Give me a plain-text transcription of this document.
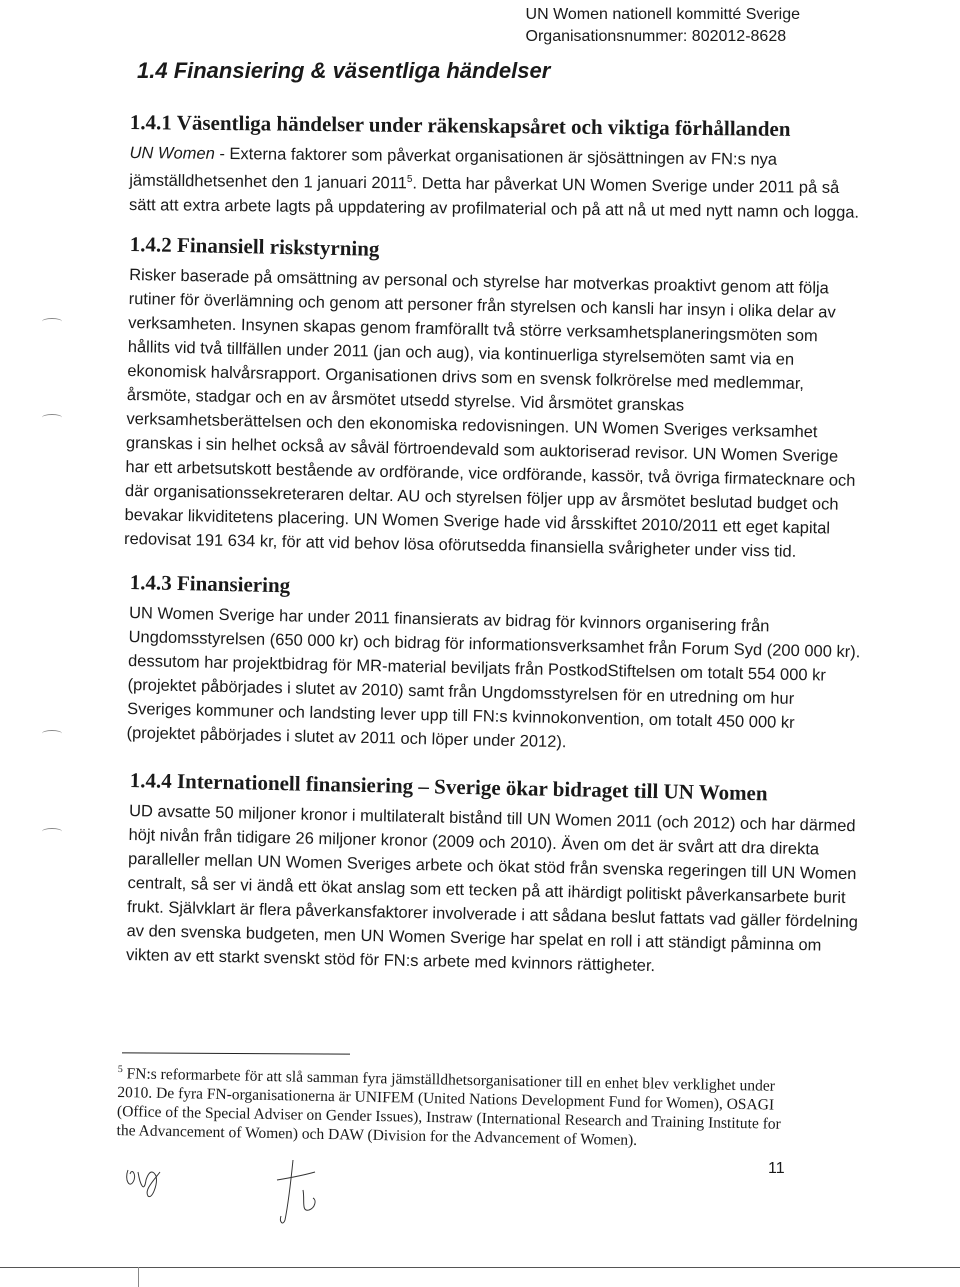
UN Women nationell kommitté Sverige
Organisationsnummer: 802012-8628
1.4 Finansiering & väsentliga händelser
1.4.1 Väsentliga händelser under räkenskapsåret och viktiga förhållanden

UN Women - Externa faktorer som påverkat organisationen är sjösättningen av FN:s nya jämställdhetsenhet den 1 januari 2011$^5$. Detta har påverkat UN Women Sverige under 2011 på så sätt att extra arbete lagts på uppdatering av profilmaterial och på att nå ut med nytt namn och logga.

1.4.2 Finansiell riskstyrning

Risker baserade på omsättning av personal och styrelse har motverkas proaktivt genom att följa rutiner för överlämning och genom att personer från styrelsen och kansli har insyn i olika delar av verksamheten. Insynen skapas genom framförallt två större verksamhetsplaneringsmöten som hållits vid två tillfällen under 2011 (jan och aug), via kontinuerliga styrelsemöten samt via en ekonomisk halvårsrapport. Organisationen drivs som en svensk folkrörelse med medlemmar, årsmöte, stadgar och en av årsmötet utsedd styrelse. Vid årsmötet granskas verksamhetsberättelsen och den ekonomiska redovisningen. UN Women Sveriges verksamhet granskas i sin helhet också av såväl förtroendevald som auktoriserad revisor. UN Women Sverige har ett arbetsutskott bestående av ordförande, vice ordförande, kassör, två övriga firmatecknare och där organisationssekreteraren deltar. AU och styrelsen följer upp av årsmötet beslutad budget och bevakar likviditetens placering. UN Women Sverige hade vid årsskiftet 2010/2011 ett eget kapital redovisat 191 634 kr, för att vid behov lösa oförutsedda finansiella svårigheter under viss tid.

1.4.3 Finansiering

UN Women Sverige har under 2011 finansierats av bidrag för kvinnors organisering från Ungdomsstyrelsen (650 000 kr) och bidrag för informationsverksamhet från Forum Syd (200 000 kr). dessutom har projektbidrag för MR-material beviljats från PostkodStiftelsen om totalt 554 000 kr (projektet påbörjades i slutet av 2010) samt från Ungdomsstyrelsen för en utredning om hur Sveriges kommuner och landsting lever upp till FN:s kvinnokonvention, om totalt 450 000 kr (projektet påbörjades i slutet av 2011 och löper under 2012).

1.4.4 Internationell finansiering – Sverige ökar bidraget till UN Women

UD avsatte 50 miljoner kronor i multilateralt bistånd till UN Women 2011 (och 2012) och har därmed höjt nivån från tidigare 26 miljoner kronor (2009 och 2010). Även om det är svårt att dra direkta paralleller mellan UN Women Sveriges arbete och ökat stöd från svenska regeringen till UN Women centralt, så ser vi ändå ett ökat anslag som ett tecken på att ihärdigt politiskt påverkansarbete burit frukt. Självklart är flera påverkansfaktorer involverade i att sådana beslut fattats vad gäller fördelning av den svenska budgeten, men UN Women Sverige har spelat en roll i att ständigt påminna om vikten av ett starkt svenskt stöd för FN:s arbete med kvinnors rättigheter.

$^5$ FN:s reformarbete för att slå samman fyra jämställdhetsorganisationer till en enhet blev verklighet under 2010. De fyra FN-organisationerna är UNIFEM (United Nations Development Fund for Women), OSAGI (Office of the Special Adviser on Gender Issues), Instraw (International Research and Training Institute for the Advancement of Women) och DAW (Division for the Advancement of Women).
11
